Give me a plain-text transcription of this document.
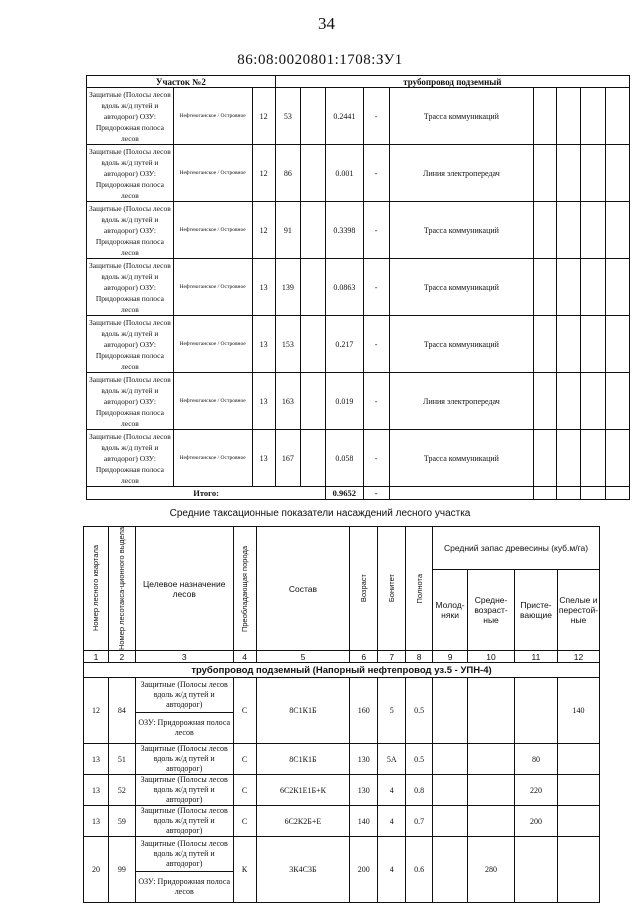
34
86:08:0020801:1708:ЗУ1
Участок №2			трубопровод подземный								
Защитные (Полосы лесов вдоль ж/д путей и автодорог) ОЗУ: Придорожная полоса лесов	Нефтеюганское / Островное	12	53		0.2441	-	Трасса коммуникаций				
Защитные (Полосы лесов вдоль ж/д путей и автодорог) ОЗУ: Придорожная полоса лесов	Нефтеюганское / Островное	12	86		0.001	-	Линия электропередач				
Защитные (Полосы лесов вдоль ж/д путей и автодорог) ОЗУ: Придорожная полоса лесов	Нефтеюганское / Островное	12	91		0.3398	-	Трасса коммуникаций				
Защитные (Полосы лесов вдоль ж/д путей и автодорог) ОЗУ: Придорожная полоса лесов	Нефтеюганское / Островное	13	139		0.0863	-	Трасса коммуникаций				
Защитные (Полосы лесов вдоль ж/д путей и автодорог) ОЗУ: Придорожная полоса лесов	Нефтеюганское / Островное	13	153		0.217	-	Трасса коммуникаций				
Защитные (Полосы лесов вдоль ж/д путей и автодорог) ОЗУ: Придорожная полоса лесов	Нефтеюганское / Островное	13	163		0.019	-	Линия электропередач				
Защитные (Полосы лесов вдоль ж/д путей и автодорог) ОЗУ: Придорожная полоса лесов	Нефтеюганское / Островное	13	167		0.058	-	Трасса коммуникаций				
Итого:					0.9652	-					
Средние таксационные показатели насаждений лесного участка
Номер лесного квартала	Номер лесотакса-ционного выдела	Целевое назначение лесов	Преобладающая порода	Состав	Возраст	Бонитет	Полнота	Средний запас древесины (куб.м/га)			
								Молод-няки	Средне-возраст-ные	Присте-вающие	Спелые и перестой-ные
1	2	3	4	5	6	7	8	9	10	11	12
трубопровод подземный (Напорный нефтепровод уз.5 - УПН-4)											
12	84	Защитные (Полосы лесов вдоль ж/д путей и автодорог)	С	8С1К1Б	160	5	0.5				140
		ОЗУ: Придорожная полоса лесов									
13	51	Защитные (Полосы лесов вдоль ж/д путей и автодорог)	С	8С1К1Б	130	5А	0.5			80	
13	52	Защитные (Полосы лесов вдоль ж/д путей и автодорог)	С	6С2К1Е1Б+К	130	4	0.8			220	
13	59	Защитные (Полосы лесов вдоль ж/д путей и автодорог)	С	6С2К2Б+Е	140	4	0.7			200	
20	99	Защитные (Полосы лесов вдоль ж/д путей и автодорог)	К	3К4С3Б	200	4	0.6		280		
		ОЗУ: Придорожная полоса лесов									
